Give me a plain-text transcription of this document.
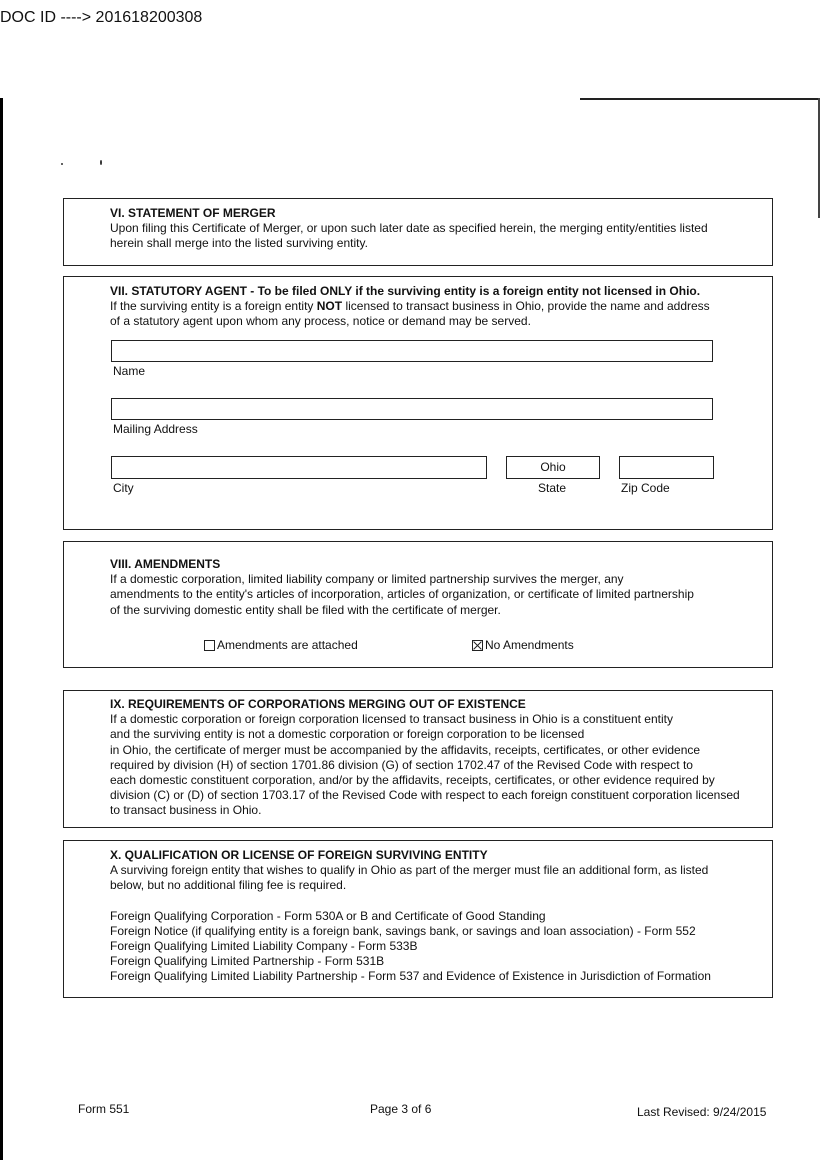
DOC ID ----> 201618200308
VI. STATEMENT OF MERGER
Upon filing this Certificate of Merger, or upon such later date as specified herein, the merging entity/entities listed
herein shall merge into the listed surviving entity.
VII. STATUTORY AGENT - To be filed ONLY if the surviving entity is a foreign entity not licensed in Ohio.
If the surviving entity is a foreign entity NOT licensed to transact business in Ohio, provide the name and address
of a statutory agent upon whom any process, notice or demand may be served.
Name
Mailing Address
City
Ohio
State	Zip Code
VIII. AMENDMENTS
If a domestic corporation, limited liability company or limited partnership survives the merger, any
amendments to the entity's articles of incorporation, articles of organization, or certificate of limited partnership
of the surviving domestic entity shall be filed with the certificate of merger.
Amendments are attached	No Amendments
IX. REQUIREMENTS OF CORPORATIONS MERGING OUT OF EXISTENCE
If a domestic corporation or foreign corporation licensed to transact business in Ohio is a constituent entity
and the surviving entity is not a domestic corporation or foreign corporation to be licensed
in Ohio, the certificate of merger must be accompanied by the affidavits, receipts, certificates, or other evidence
required by division (H) of section 1701.86 division (G) of section 1702.47 of the Revised Code with respect to
each domestic constituent corporation, and/or by the affidavits, receipts, certificates, or other evidence required by
division (C) or (D) of section 1703.17 of the Revised Code with respect to each foreign constituent corporation licensed
to transact business in Ohio.
X. QUALIFICATION OR LICENSE OF FOREIGN SURVIVING ENTITY
A surviving foreign entity that wishes to qualify in Ohio as part of the merger must file an additional form, as listed
below, but no additional filing fee is required.
Foreign Qualifying Corporation - Form 530A or B and Certificate of Good Standing
Foreign Notice (if qualifying entity is a foreign bank, savings bank, or savings and loan association) - Form 552
Foreign Qualifying Limited Liability Company - Form 533B
Foreign Qualifying Limited Partnership - Form 531B
Foreign Qualifying Limited Liability Partnership - Form 537 and Evidence of Existence in Jurisdiction of Formation
Form 551	Page 3 of 6	Last Revised: 9/24/2015
